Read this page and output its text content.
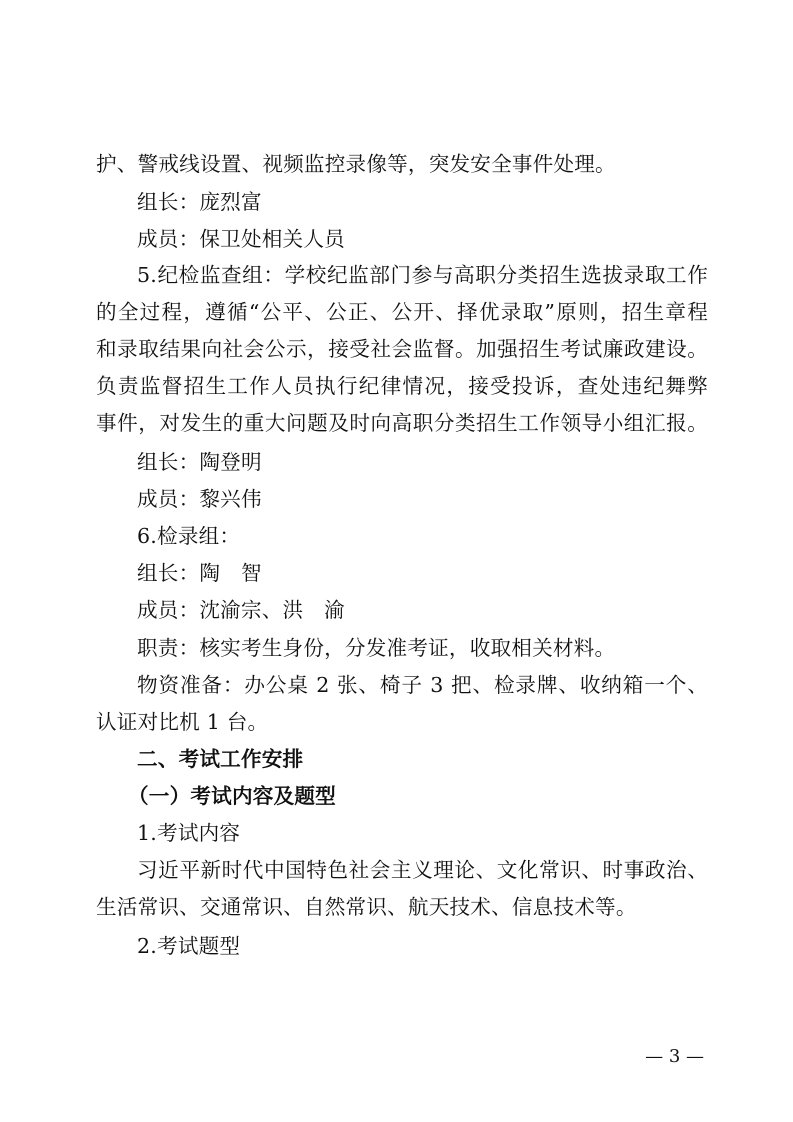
护、警戒线设置、视频监控录像等，突发安全事件处理。
组长：庞烈富
成员：保卫处相关人员
5.纪检监查组：学校纪监部门参与高职分类招生选拔录取工作
的全过程，遵循“公平、公正、公开、择优录取”原则，招生章程
和录取结果向社会公示，接受社会监督。加强招生考试廉政建设。
负责监督招生工作人员执行纪律情况，接受投诉，查处违纪舞弊
事件，对发生的重大问题及时向高职分类招生工作领导小组汇报。
组长：陶登明
成员：黎兴伟
6.检录组：
组长：陶　智
成员：沈渝宗、洪　渝
职责：核实考生身份，分发准考证，收取相关材料。
物资准备：办公桌 2 张、椅子 3 把、检录牌、收纳箱一个、
认证对比机 1 台。
二、考试工作安排
（一）考试内容及题型
1.考试内容
习近平新时代中国特色社会主义理论、文化常识、时事政治、
生活常识、交通常识、自然常识、航天技术、信息技术等。
2.考试题型
— 3 —
